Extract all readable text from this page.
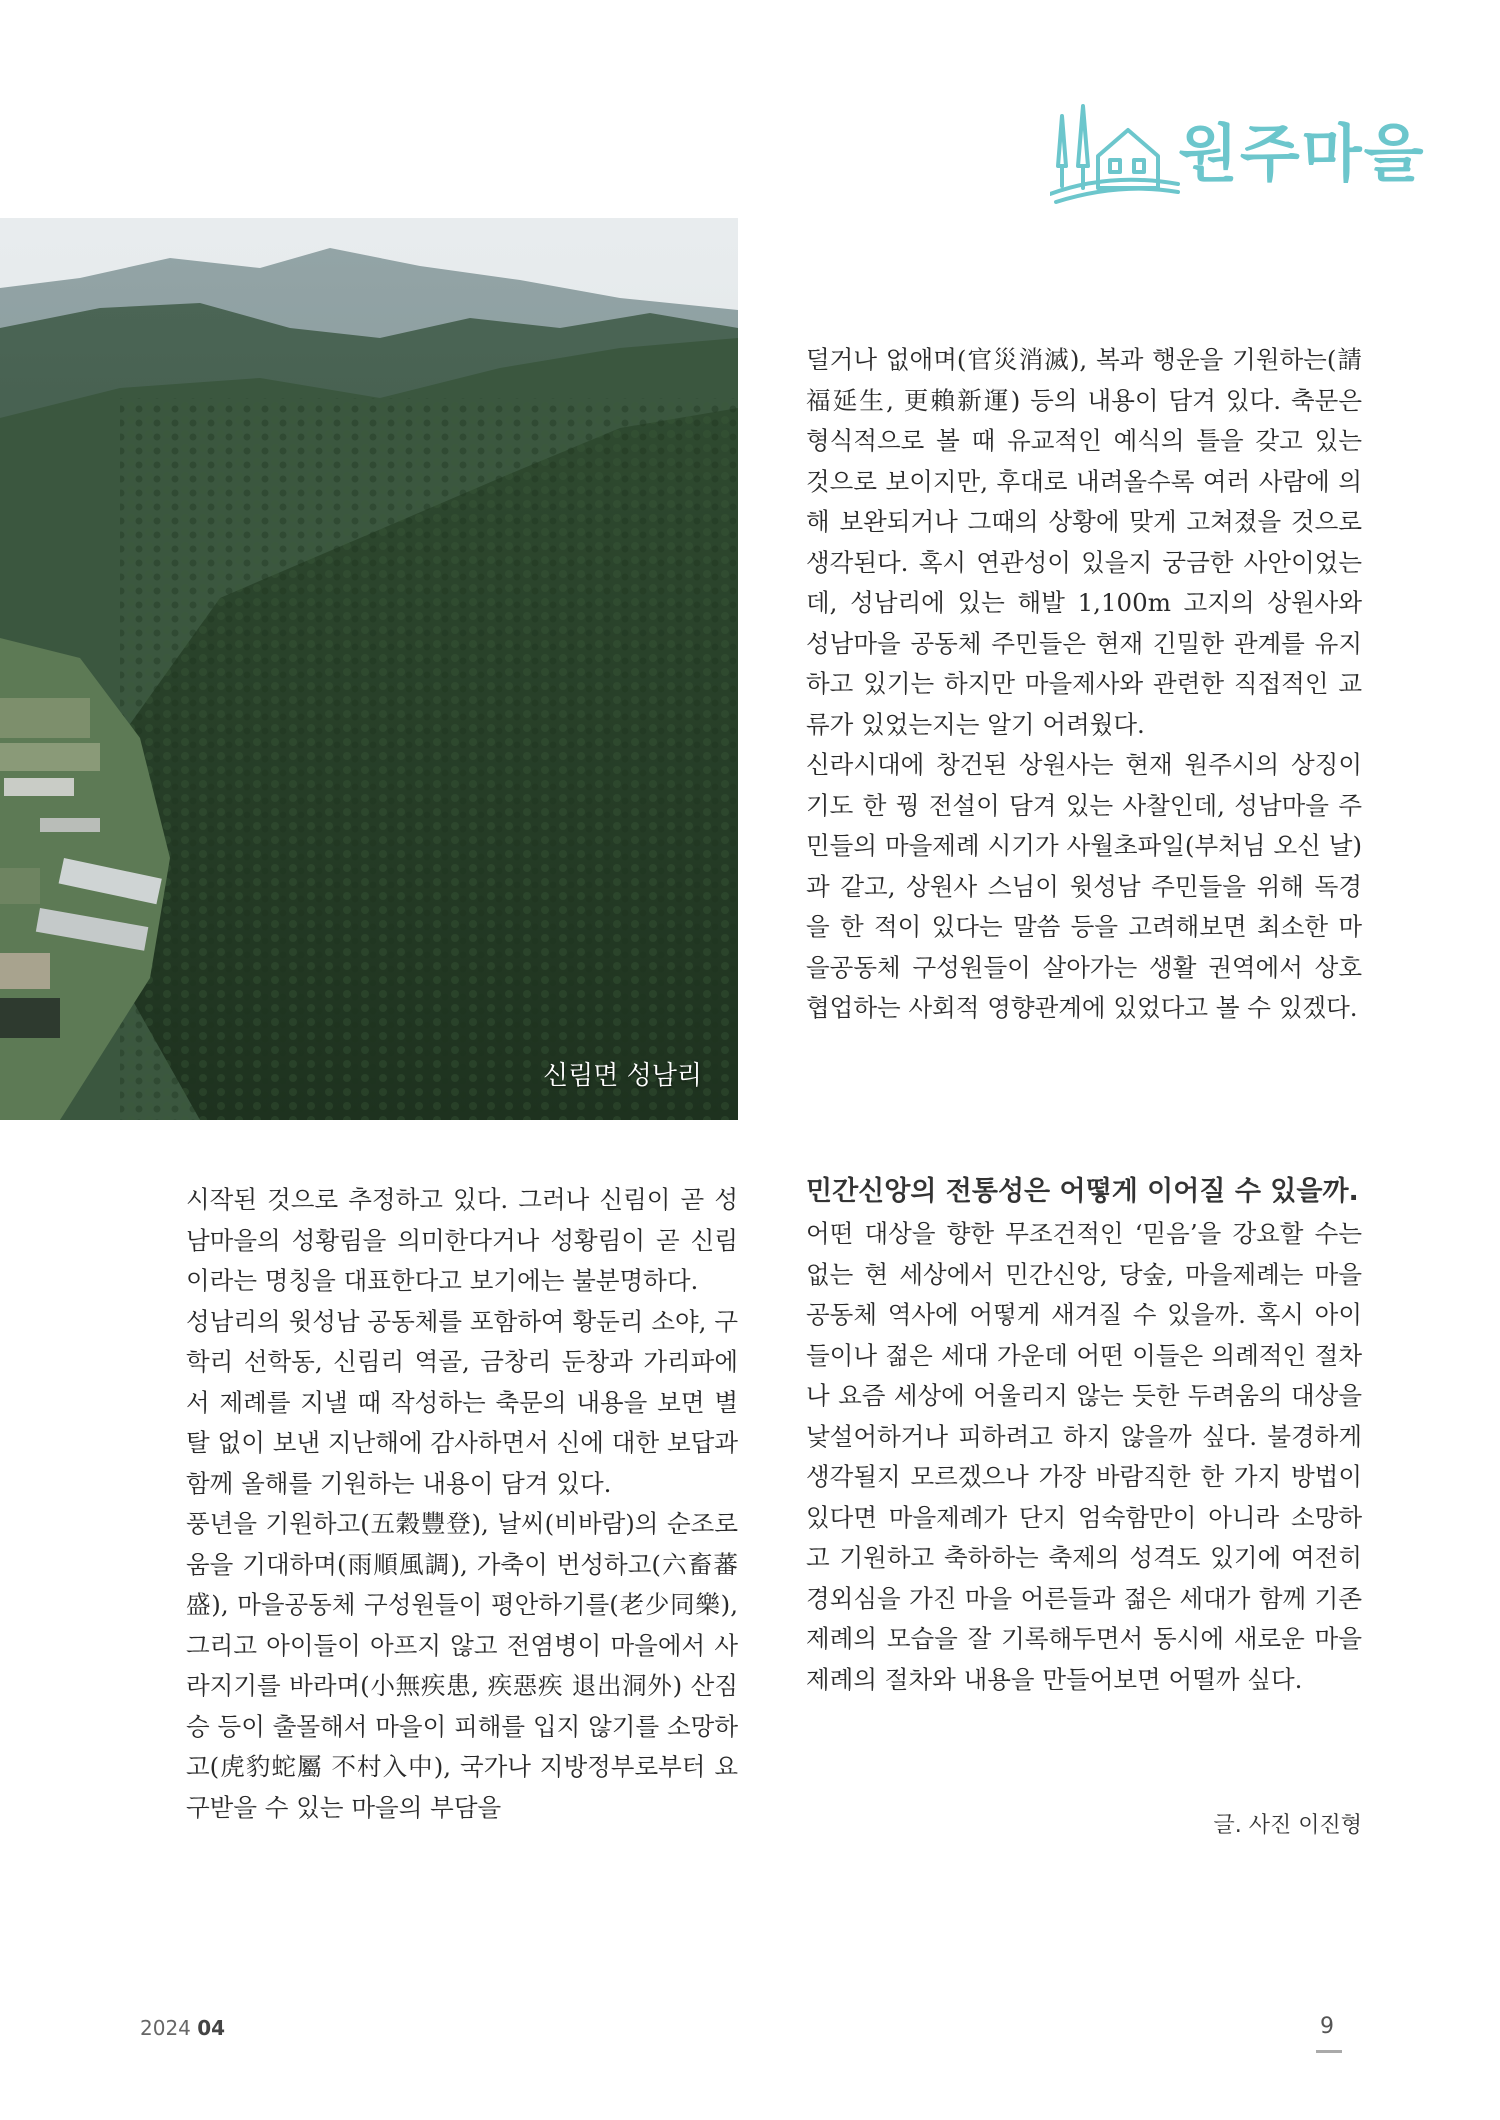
원주마을
신림면 성남리

덜거나 없애며(官災消滅), 복과 행운을 기원하는(請福延生, 更賴新運) 등의 내용이 담겨 있다. 축문은 형식적으로 볼 때 유교적인 예식의 틀을 갖고 있는 것으로 보이지만, 후대로 내려올수록 여러 사람에 의해 보완되거나 그때의 상황에 맞게 고쳐졌을 것으로 생각된다. 혹시 연관성이 있을지 궁금한 사안이었는데, 성남리에 있는 해발 1,100m 고지의 상원사와 성남마을 공동체 주민들은 현재 긴밀한 관계를 유지하고 있기는 하지만 마을제사와 관련한 직접적인 교류가 있었는지는 알기 어려웠다.

신라시대에 창건된 상원사는 현재 원주시의 상징이기도 한 꿩 전설이 담겨 있는 사찰인데, 성남마을 주민들의 마을제례 시기가 사월초파일(부처님 오신 날)과 같고, 상원사 스님이 윗성남 주민들을 위해 독경을 한 적이 있다는 말씀 등을 고려해보면 최소한 마을공동체 구성원들이 살아가는 생활 권역에서 상호 협업하는 사회적 영향관계에 있었다고 볼 수 있겠다.

시작된 것으로 추정하고 있다. 그러나 신림이 곧 성남마을의 성황림을 의미한다거나 성황림이 곧 신림이라는 명칭을 대표한다고 보기에는 불분명하다.

성남리의 윗성남 공동체를 포함하여 황둔리 소야, 구학리 선학동, 신림리 역골, 금창리 둔창과 가리파에서 제례를 지낼 때 작성하는 축문의 내용을 보면 별 탈 없이 보낸 지난해에 감사하면서 신에 대한 보답과 함께 올해를 기원하는 내용이 담겨 있다.

풍년을 기원하고(五穀豐登), 날씨(비바람)의 순조로움을 기대하며(雨順風調), 가축이 번성하고(六畜蕃盛), 마을공동체 구성원들이 평안하기를(老少同樂), 그리고 아이들이 아프지 않고 전염병이 마을에서 사라지기를 바라며(小無疾患, 疾惡疾 退出洞外) 산짐승 등이 출몰해서 마을이 피해를 입지 않기를 소망하고(虎豹蛇屬 不村入中), 국가나 지방정부로부터 요구받을 수 있는 마을의 부담을

민간신앙의 전통성은 어떻게 이어질 수 있을까.

어떤 대상을 향한 무조건적인 ‘믿음’을 강요할 수는 없는 현 세상에서 민간신앙, 당숲, 마을제례는 마을공동체 역사에 어떻게 새겨질 수 있을까. 혹시 아이들이나 젊은 세대 가운데 어떤 이들은 의례적인 절차나 요즘 세상에 어울리지 않는 듯한 두려움의 대상을 낯설어하거나 피하려고 하지 않을까 싶다. 불경하게 생각될지 모르겠으나 가장 바람직한 한 가지 방법이 있다면 마을제례가 단지 엄숙함만이 아니라 소망하고 기원하고 축하하는 축제의 성격도 있기에 여전히 경외심을 가진 마을 어른들과 젊은 세대가 함께 기존 제례의 모습을 잘 기록해두면서 동시에 새로운 마을제례의 절차와 내용을 만들어보면 어떨까 싶다.

글. 사진 이진형
2024 04	9
